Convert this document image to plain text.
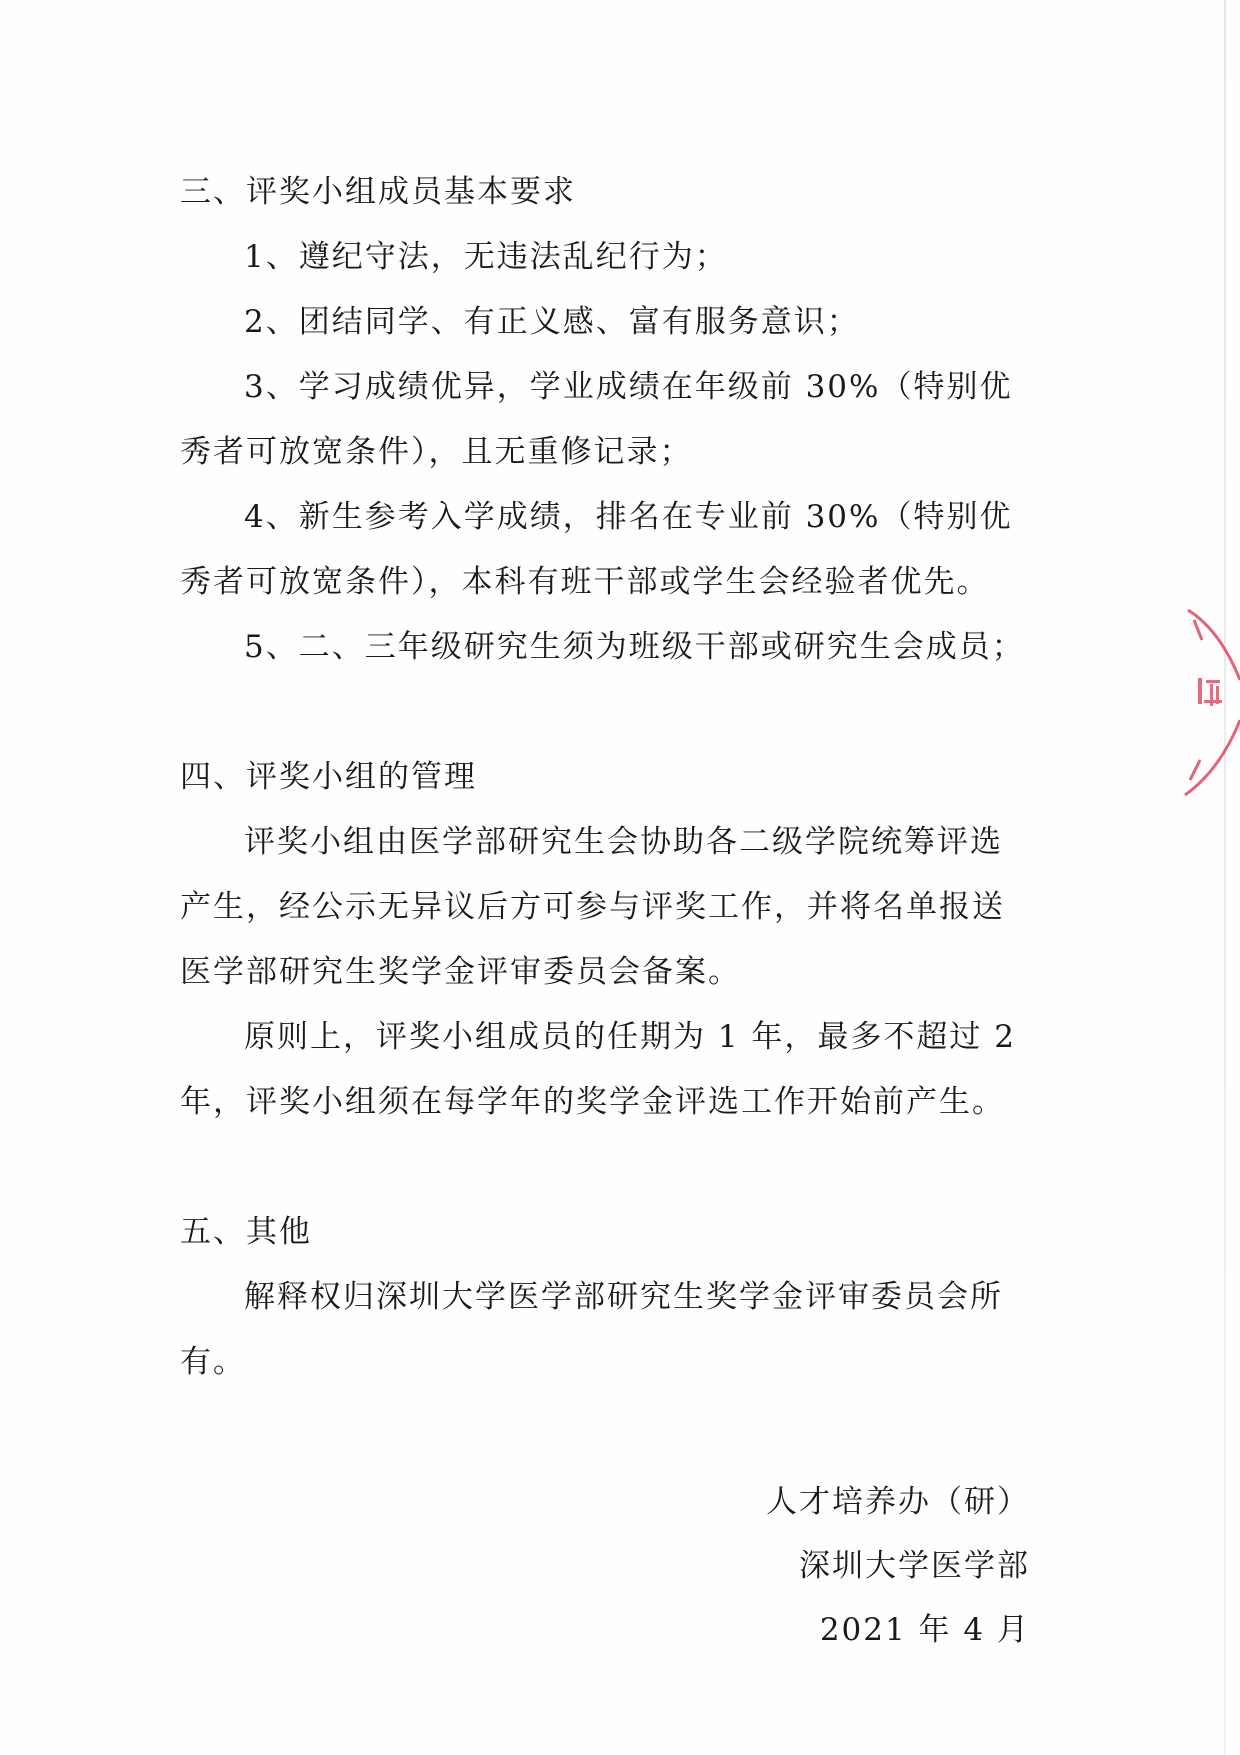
三、评奖小组成员基本要求

1、遵纪守法，无违法乱纪行为；

2、团结同学、有正义感、富有服务意识；

3、学习成绩优异，学业成绩在年级前 30%（特别优秀者可放宽条件），且无重修记录；

4、新生参考入学成绩，排名在专业前 30%（特别优秀者可放宽条件），本科有班干部或学生会经验者优先。

5、二、三年级研究生须为班级干部或研究生会成员；

四、评奖小组的管理

评奖小组由医学部研究生会协助各二级学院统筹评选产生，经公示无异议后方可参与评奖工作，并将名单报送医学部研究生奖学金评审委员会备案。

原则上，评奖小组成员的任期为 1 年，最多不超过 2 年，评奖小组须在每学年的奖学金评选工作开始前产生。

五、其他

解释权归深圳大学医学部研究生奖学金评审委员会所有。

人才培养办（研）

深圳大学医学部

2021 年 4 月
